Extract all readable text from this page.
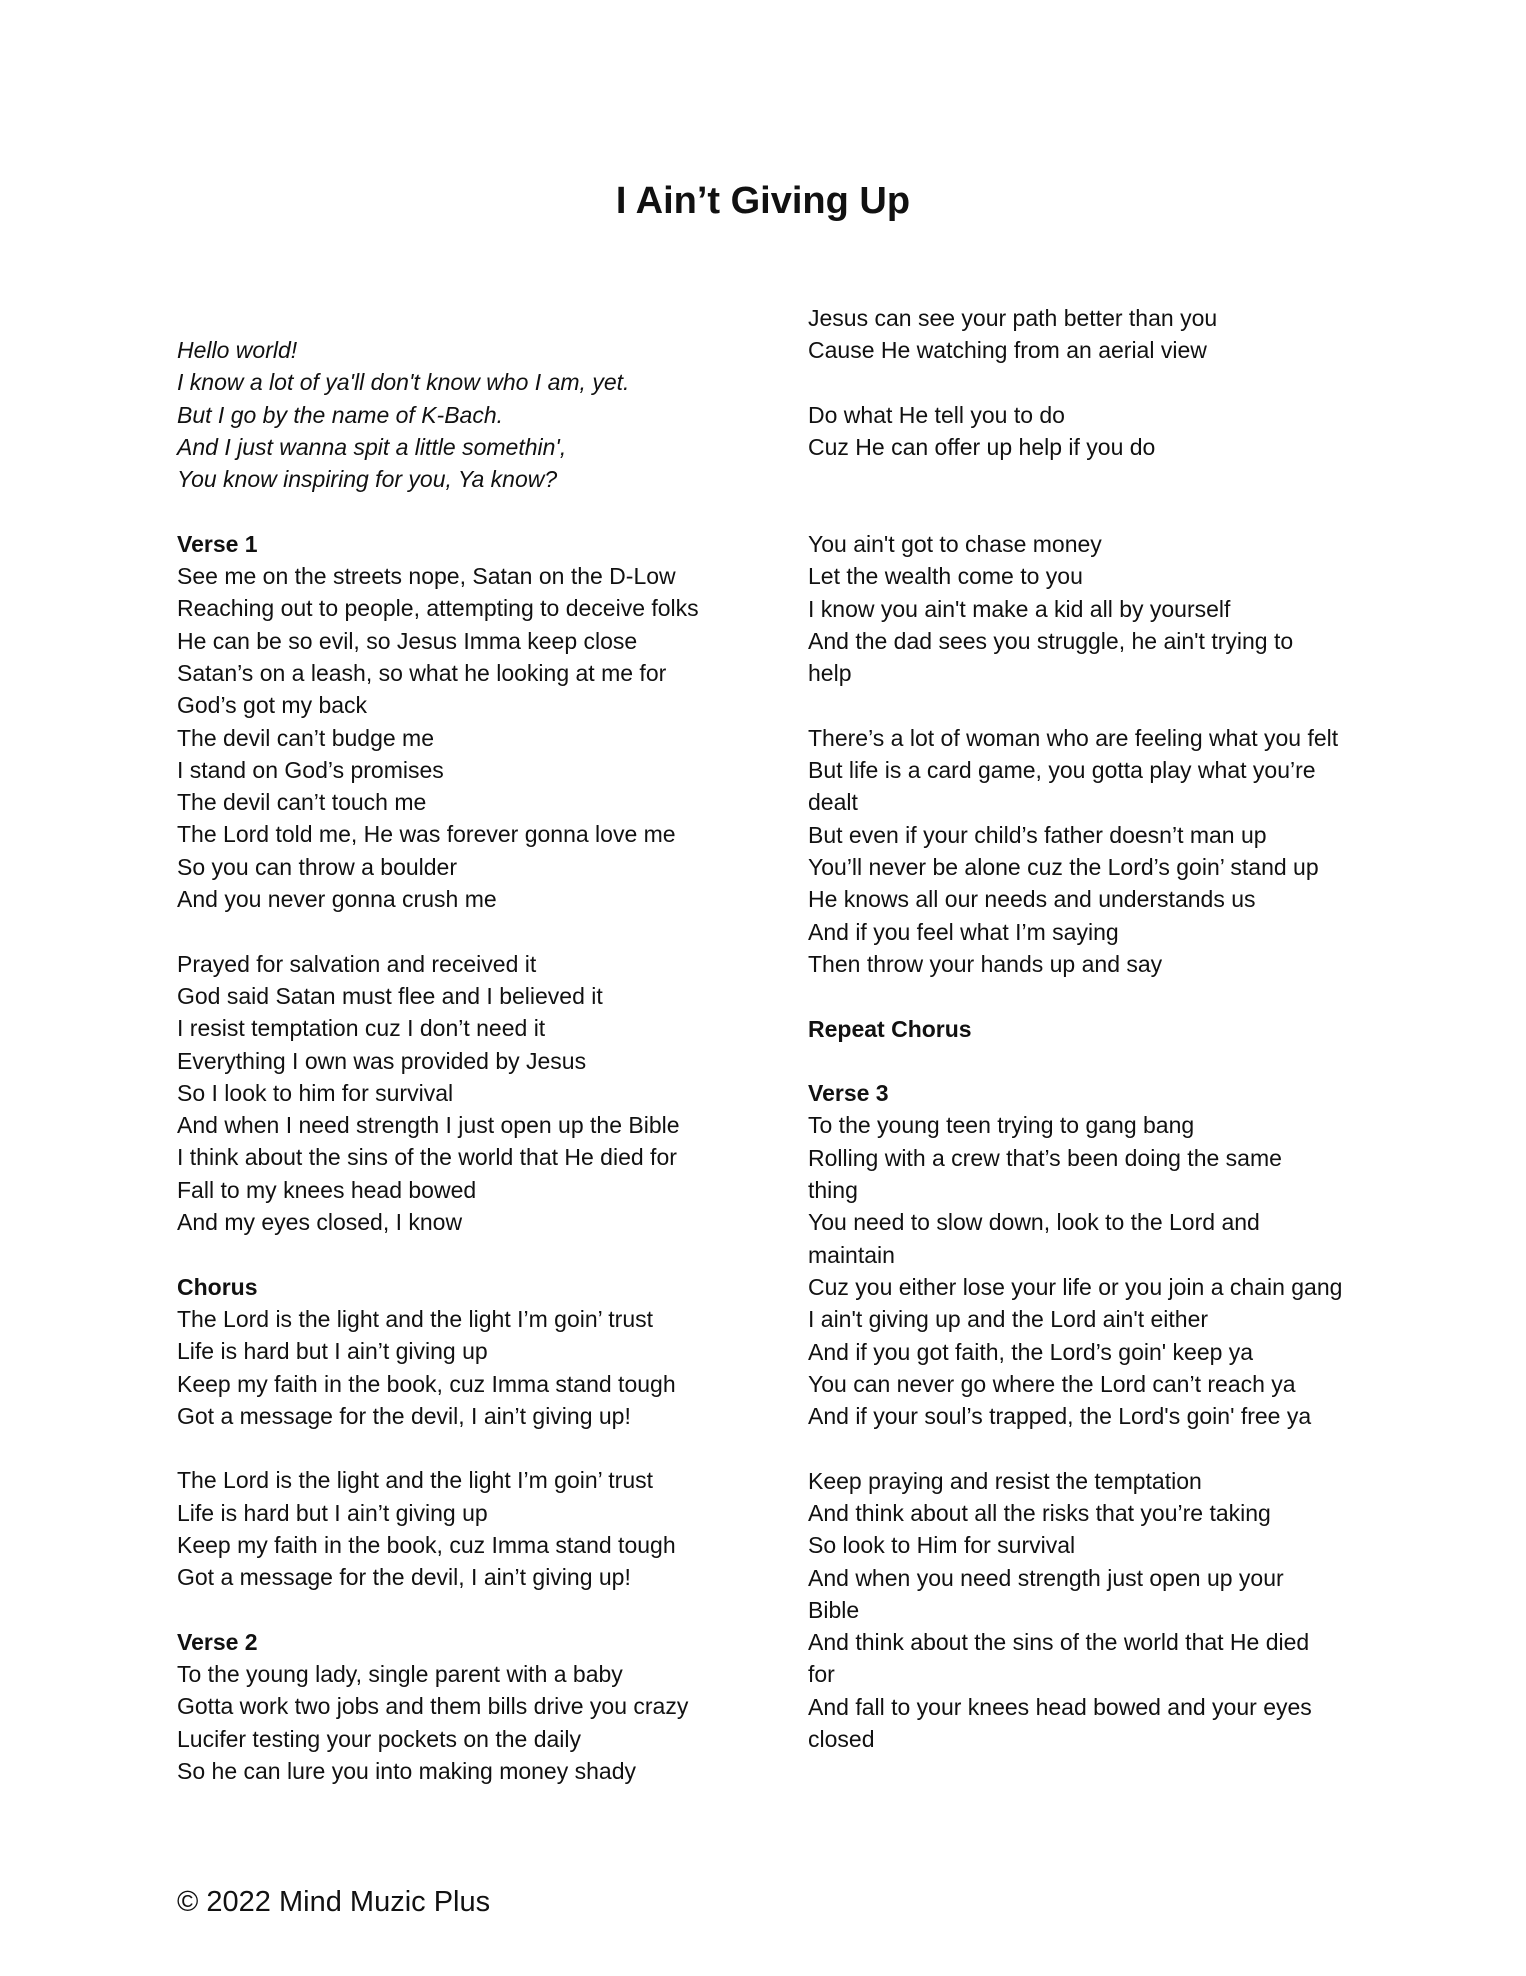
I Ain’t Giving Up
Hello world!
I know a lot of ya'll don't know who I am, yet.
But I go by the name of K-Bach.
And I just wanna spit a little somethin',
You know inspiring for you, Ya know?
Verse 1
See me on the streets nope, Satan on the D-Low
Reaching out to people, attempting to deceive folks
He can be so evil, so Jesus Imma keep close
Satan’s on a leash, so what he looking at me for
God’s got my back
The devil can’t budge me
I stand on God’s promises
The devil can’t touch me
The Lord told me, He was forever gonna love me
So you can throw a boulder
And you never gonna crush me
Prayed for salvation and received it
God said Satan must flee and I believed it
I resist temptation cuz I don’t need it
Everything I own was provided by Jesus
So I look to him for survival
And when I need strength I just open up the Bible
I think about the sins of the world that He died for
Fall to my knees head bowed
And my eyes closed, I know
Chorus
The Lord is the light and the light I’m goin’ trust
Life is hard but I ain’t giving up
Keep my faith in the book, cuz Imma stand tough
Got a message for the devil, I ain’t giving up!
The Lord is the light and the light I’m goin’ trust
Life is hard but I ain’t giving up
Keep my faith in the book, cuz Imma stand tough
Got a message for the devil, I ain’t giving up!
Verse 2
To the young lady, single parent with a baby
Gotta work two jobs and them bills drive you crazy
Lucifer testing your pockets on the daily
So he can lure you into making money shady
Jesus can see your path better than you
Cause He watching from an aerial view
Do what He tell you to do
Cuz He can offer up help if you do
You ain't got to chase money
Let the wealth come to you
I know you ain't make a kid all by yourself
And the dad sees you struggle, he ain't trying to
help
There’s a lot of woman who are feeling what you felt
But life is a card game, you gotta play what you’re
dealt
But even if your child’s father doesn’t man up
You’ll never be alone cuz the Lord’s goin’ stand up
He knows all our needs and understands us
And if you feel what I’m saying
Then throw your hands up and say
Repeat Chorus
Verse 3
To the young teen trying to gang bang
Rolling with a crew that’s been doing the same
thing
You need to slow down, look to the Lord and
maintain
Cuz you either lose your life or you join a chain gang
I ain't giving up and the Lord ain't either
And if you got faith, the Lord’s goin' keep ya
You can never go where the Lord can’t reach ya
And if your soul’s trapped, the Lord's goin' free ya
Keep praying and resist the temptation
And think about all the risks that you’re taking
So look to Him for survival
And when you need strength just open up your
Bible
And think about the sins of the world that He died
for
And fall to your knees head bowed and your eyes
closed
© 2022 Mind Muzic Plus
